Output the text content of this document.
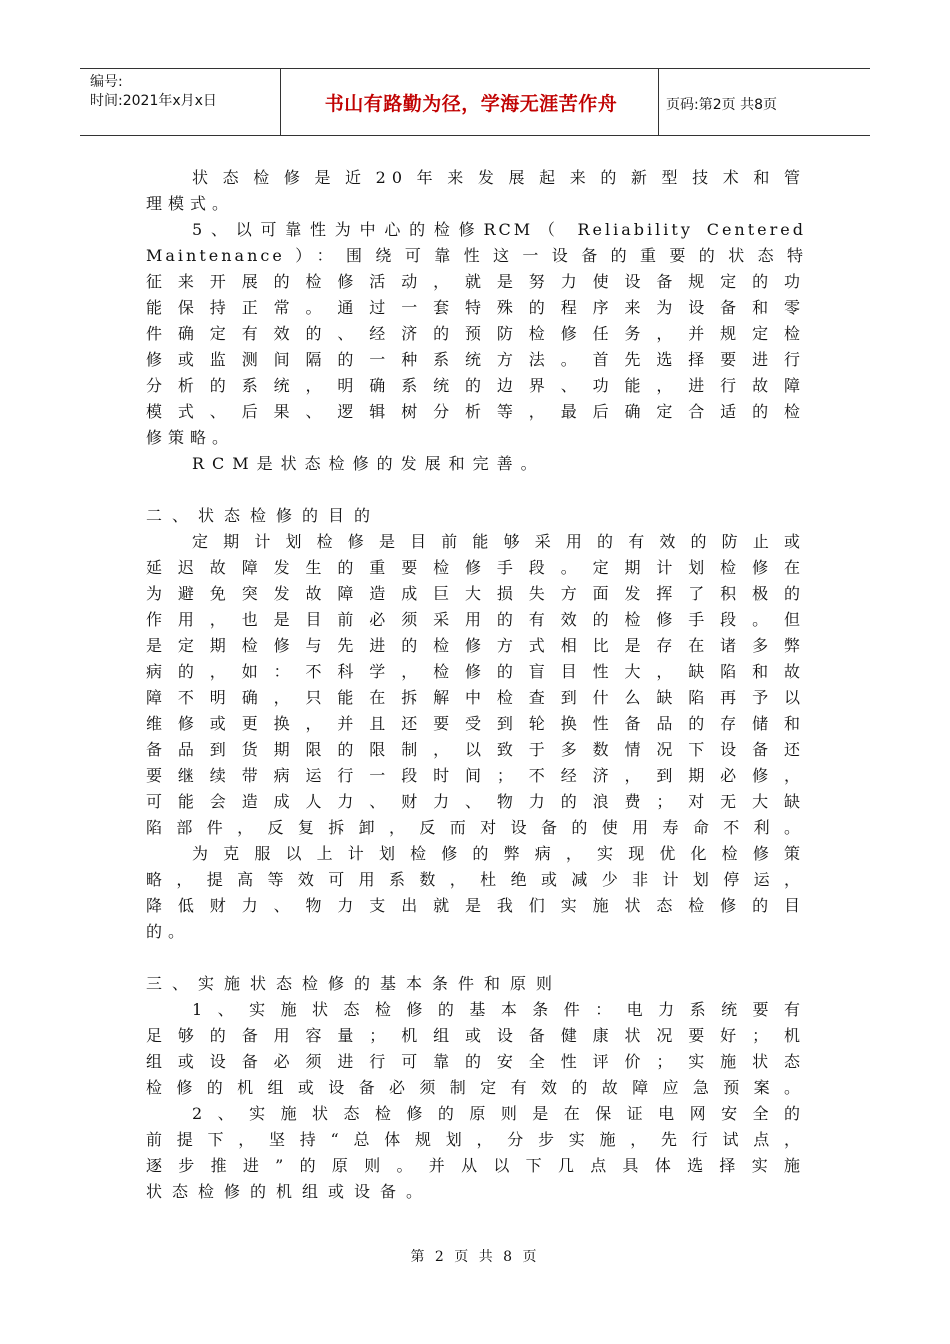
编号:
时间:2021年x月x日	书山有路勤为径，学海无涯苦作舟	页码:第2页 共8页

状态检修是近20年来发展起来的新型技术和管

理模式。

5、以可靠性为中心的检修RCM（ Reliability Centered

Maintenance）：围绕可靠性这一设备的重要的状态特

征来开展的检修活动，就是努力使设备规定的功

能保持正常。通过一套特殊的程序来为设备和零

件确定有效的、经济的预防检修任务，并规定检

修或监测间隔的一种系统方法。首先选择要进行

分析的系统，明确系统的边界、功能，进行故障

模式、后果、逻辑树分析等，最后确定合适的检

修策略。

RCM是状态检修的发展和完善。

二、状态检修的目的

定期计划检修是目前能够采用的有效的防止或

延迟故障发生的重要检修手段。定期计划检修在

为避免突发故障造成巨大损失方面发挥了积极的

作用，也是目前必须采用的有效的检修手段。但

是定期检修与先进的检修方式相比是存在诸多弊

病的，如：不科学，检修的盲目性大，缺陷和故

障不明确，只能在拆解中检查到什么缺陷再予以

维修或更换，并且还要受到轮换性备品的存储和

备品到货期限的限制，以致于多数情况下设备还

要继续带病运行一段时间；不经济，到期必修，

可能会造成人力、财力、物力的浪费；对无大缺

陷部件，反复拆卸，反而对设备的使用寿命不利。

为克服以上计划检修的弊病，实现优化检修策

略，提高等效可用系数，杜绝或减少非计划停运，

降低财力、物力支出就是我们实施状态检修的目

的。

三、实施状态检修的基本条件和原则

1、实施状态检修的基本条件：电力系统要有

足够的备用容量；机组或设备健康状况要好；机

组或设备必须进行可靠的安全性评价；实施状态

检修的机组或设备必须制定有效的故障应急预案。

2、实施状态检修的原则是在保证电网安全的

前提下，坚持“总体规划，分步实施，先行试点，

逐步推进”的原则。并从以下几点具体选择实施

状态检修的机组或设备。

第 2 页 共 8 页
